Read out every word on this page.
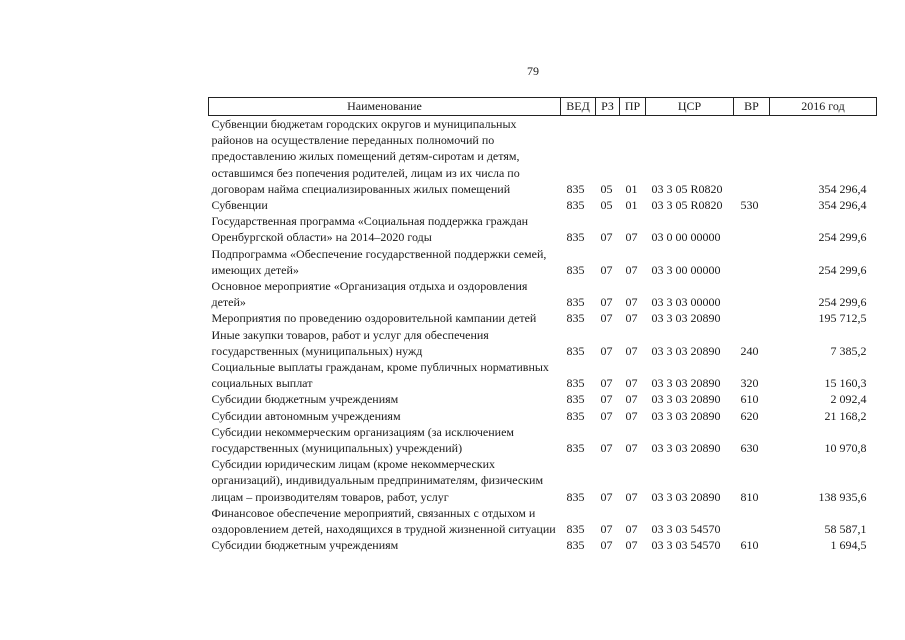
79
Наименование	ВЕД	РЗ	ПР	ЦСР	ВР	2016 год
Субвенции бюджетам городских округов и муниципальных районов на осуществление переданных полномочий по предоставлению жилых помещений детям-сиротам и детям, оставшимся без попечения родителей, лицам из их числа по договорам найма специализированных жилых помещений	835	05	01	03 3 05 R0820		354 296,4
Субвенции	835	05	01	03 3 05 R0820	530	354 296,4
Государственная программа «Социальная поддержка граждан Оренбургской области» на 2014–2020 годы	835	07	07	03 0 00 00000		254 299,6
Подпрограмма «Обеспечение государственной поддержки семей, имеющих детей»	835	07	07	03 3 00 00000		254 299,6
Основное мероприятие «Организация отдыха и оздоровления детей»	835	07	07	03 3 03 00000		254 299,6
Мероприятия по проведению оздоровительной кампании детей	835	07	07	03 3 03 20890		195 712,5
Иные закупки товаров, работ и услуг для обеспечения государственных (муниципальных) нужд	835	07	07	03 3 03 20890	240	7 385,2
Социальные выплаты гражданам, кроме публичных нормативных социальных выплат	835	07	07	03 3 03 20890	320	15 160,3
Субсидии бюджетным учреждениям	835	07	07	03 3 03 20890	610	2 092,4
Субсидии автономным учреждениям	835	07	07	03 3 03 20890	620	21 168,2
Субсидии некоммерческим организациям (за исключением государственных (муниципальных) учреждений)	835	07	07	03 3 03 20890	630	10 970,8
Субсидии юридическим лицам (кроме некоммерческих организаций), индивидуальным предпринимателям, физическим лицам – производителям товаров, работ, услуг	835	07	07	03 3 03 20890	810	138 935,6
Финансовое обеспечение мероприятий, связанных с отдыхом и оздоровлением детей, находящихся в трудной жизненной ситуации	835	07	07	03 3 03 54570		58 587,1
Субсидии бюджетным учреждениям	835	07	07	03 3 03 54570	610	1 694,5
